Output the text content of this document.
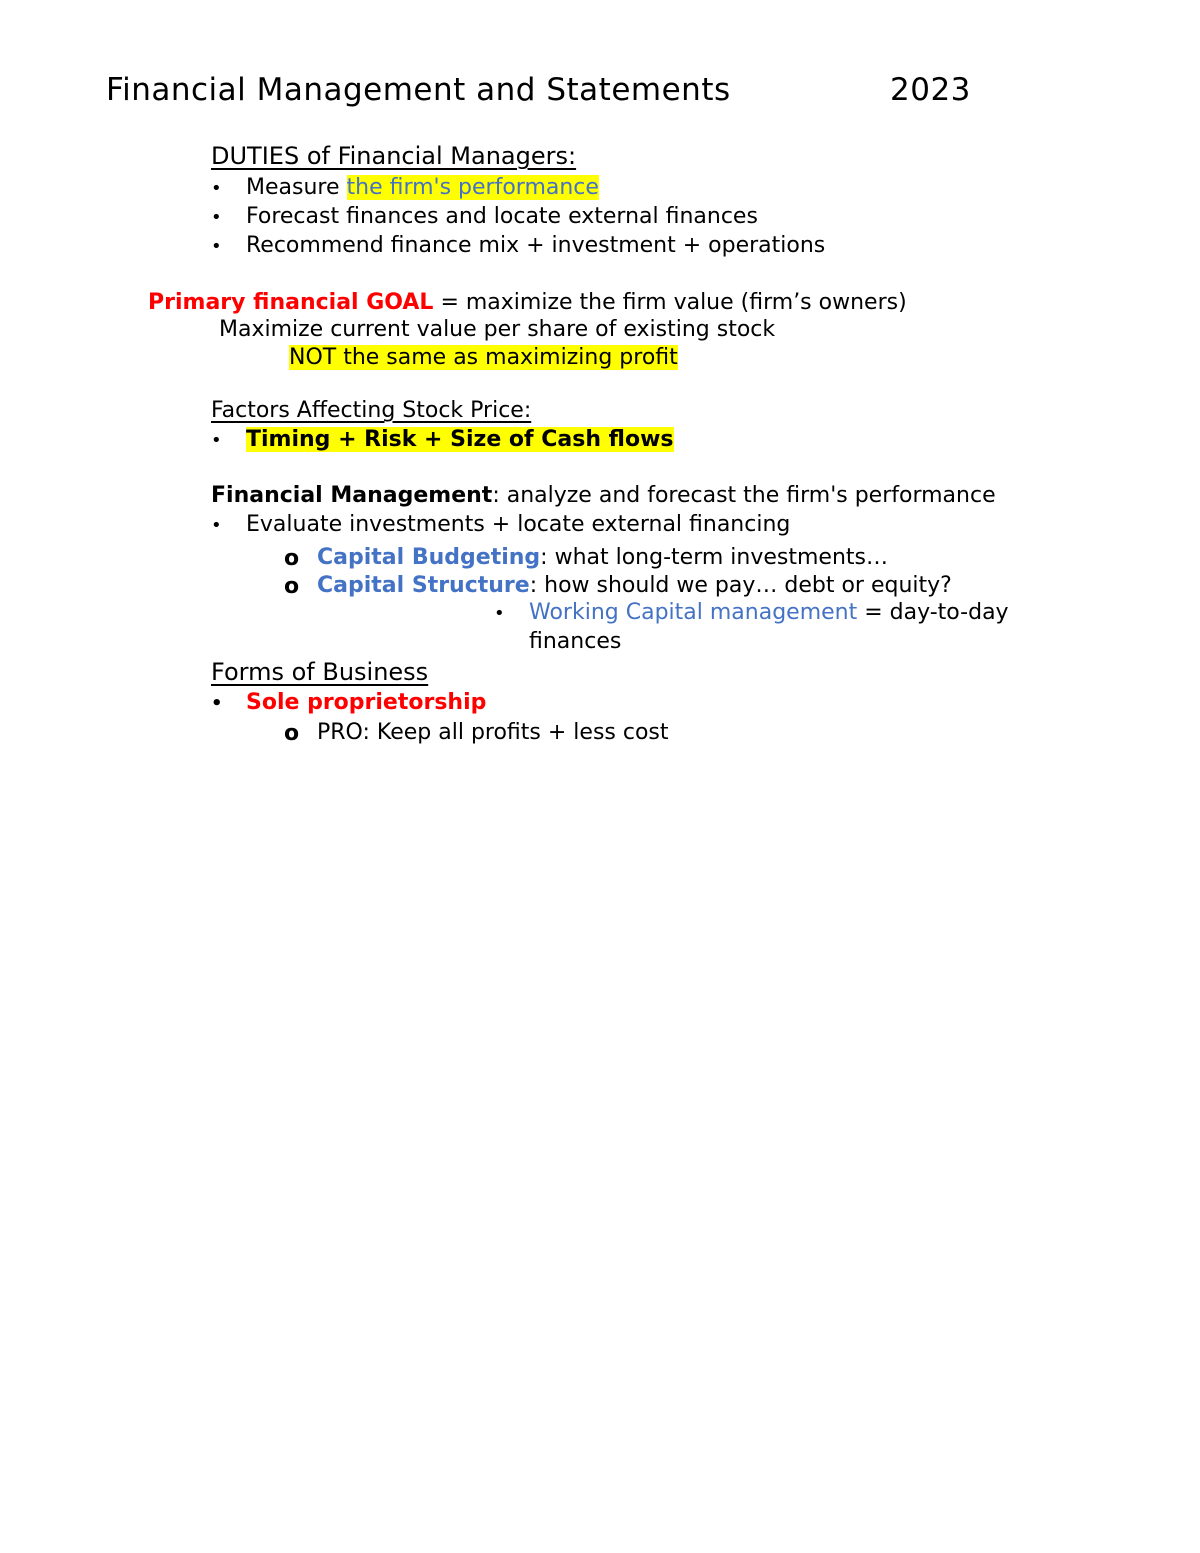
Financial Management and Statements	2023
DUTIES of Financial Managers:
• Measure the firm's performance
• Forecast finances and locate external finances
• Recommend finance mix + investment + operations
Primary financial GOAL = maximize the firm value (firm’s owners)
Maximize current value per share of existing stock
NOT the same as maximizing profit
Factors Affecting Stock Price:
• Timing + Risk + Size of Cash flows
Financial Management: analyze and forecast the firm's performance
• Evaluate investments + locate external financing
o Capital Budgeting: what long-term investments…
o Capital Structure: how should we pay… debt or equity?
• Working Capital management = day-to-day
finances
Forms of Business
• Sole proprietorship
o PRO: Keep all profits + less cost
